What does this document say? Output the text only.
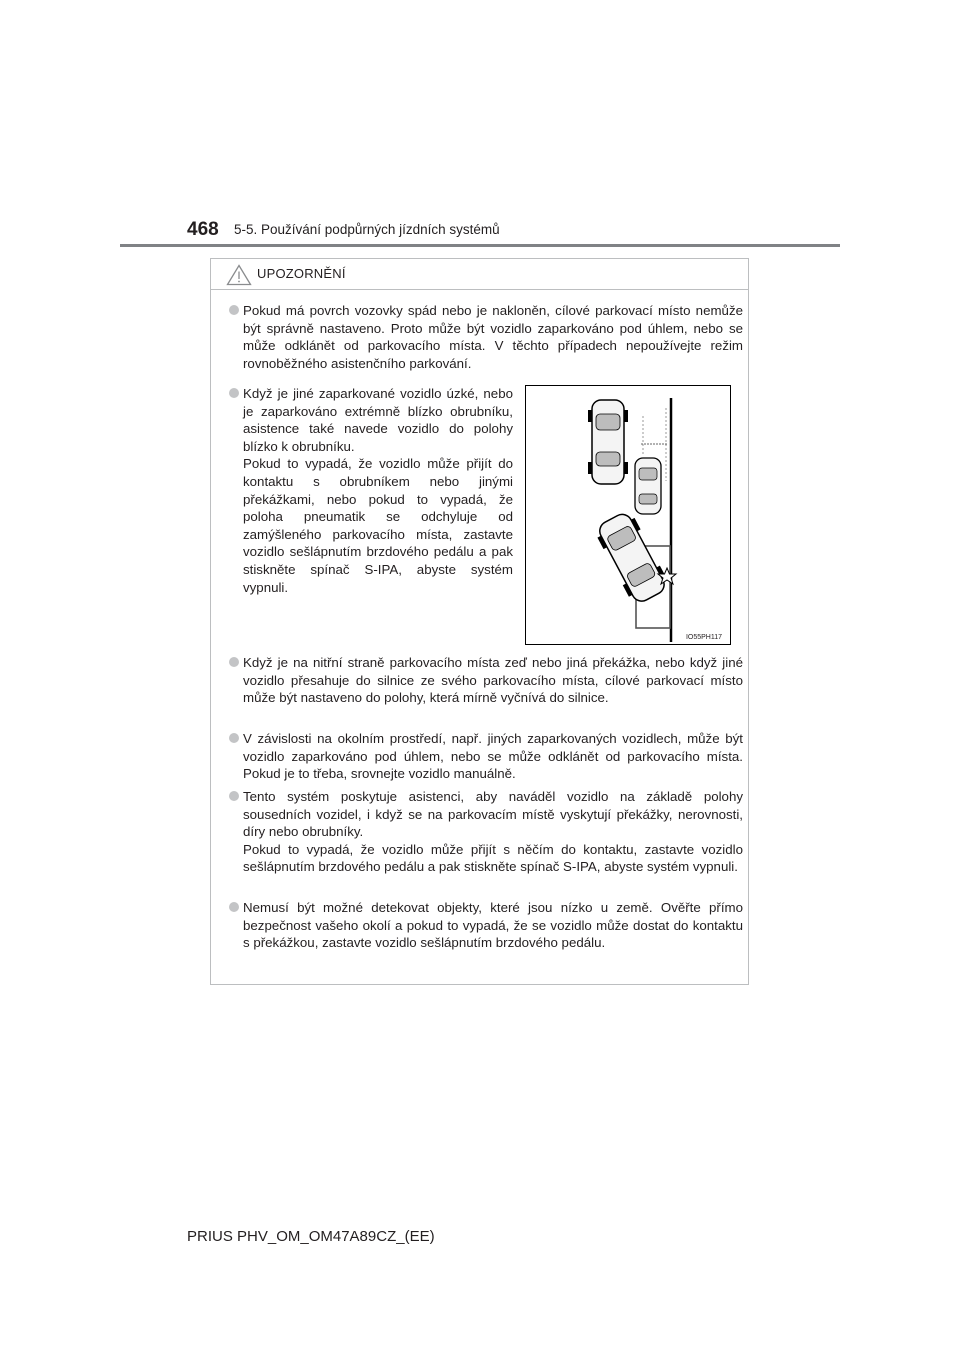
468 5-5. Používání podpůrných jízdních systémů
UPOZORNĚNÍ
Pokud má povrch vozovky spád nebo je nakloněn, cílové parkovací místo nemůže být správně nastaveno. Proto může být vozidlo zaparkováno pod úhlem, nebo se může odklánět od parkovacího místa. V těchto případech nepoužívejte režim rovnoběžného asistenčního parkování.
Když je jiné zaparkované vozidlo úzké, nebo je zaparkováno extrémně blízko obrubníku, asistence také navede vozidlo do polohy blízko k obrubníku.
Pokud to vypadá, že vozidlo může přijít do kontaktu s obrubníkem nebo jinými překážkami, nebo pokud to vypadá, že poloha pneumatik se odchyluje od zamýšleného parkovacího místa, zastavte vozidlo sešlápnutím brzdového pedálu a pak stiskněte spínač S-IPA, abyste systém vypnuli.
IO55PH117
Když je na nitřní straně parkovacího místa zeď nebo jiná překážka, nebo když jiné vozidlo přesahuje do silnice ze svého parkovacího místa, cílové parkovací místo může být nastaveno do polohy, která mírně vyčnívá do silnice.
V závislosti na okolním prostředí, např. jiných zaparkovaných vozidlech, může být vozidlo zaparkováno pod úhlem, nebo se může odklánět od parkovacího místa. Pokud je to třeba, srovnejte vozidlo manuálně.
Tento systém poskytuje asistenci, aby naváděl vozidlo na základě polohy sousedních vozidel, i když se na parkovacím místě vyskytují překážky, nerovnosti, díry nebo obrubníky.
Pokud to vypadá, že vozidlo může přijít s něčím do kontaktu, zastavte vozidlo sešlápnutím brzdového pedálu a pak stiskněte spínač S-IPA, abyste systém vypnuli.
Nemusí být možné detekovat objekty, které jsou nízko u země. Ověřte přímo bezpečnost vašeho okolí a pokud to vypadá, že se vozidlo může dostat do kontaktu s překážkou, zastavte vozidlo sešlápnutím brzdového pedálu.
PRIUS PHV_OM_OM47A89CZ_(EE)
